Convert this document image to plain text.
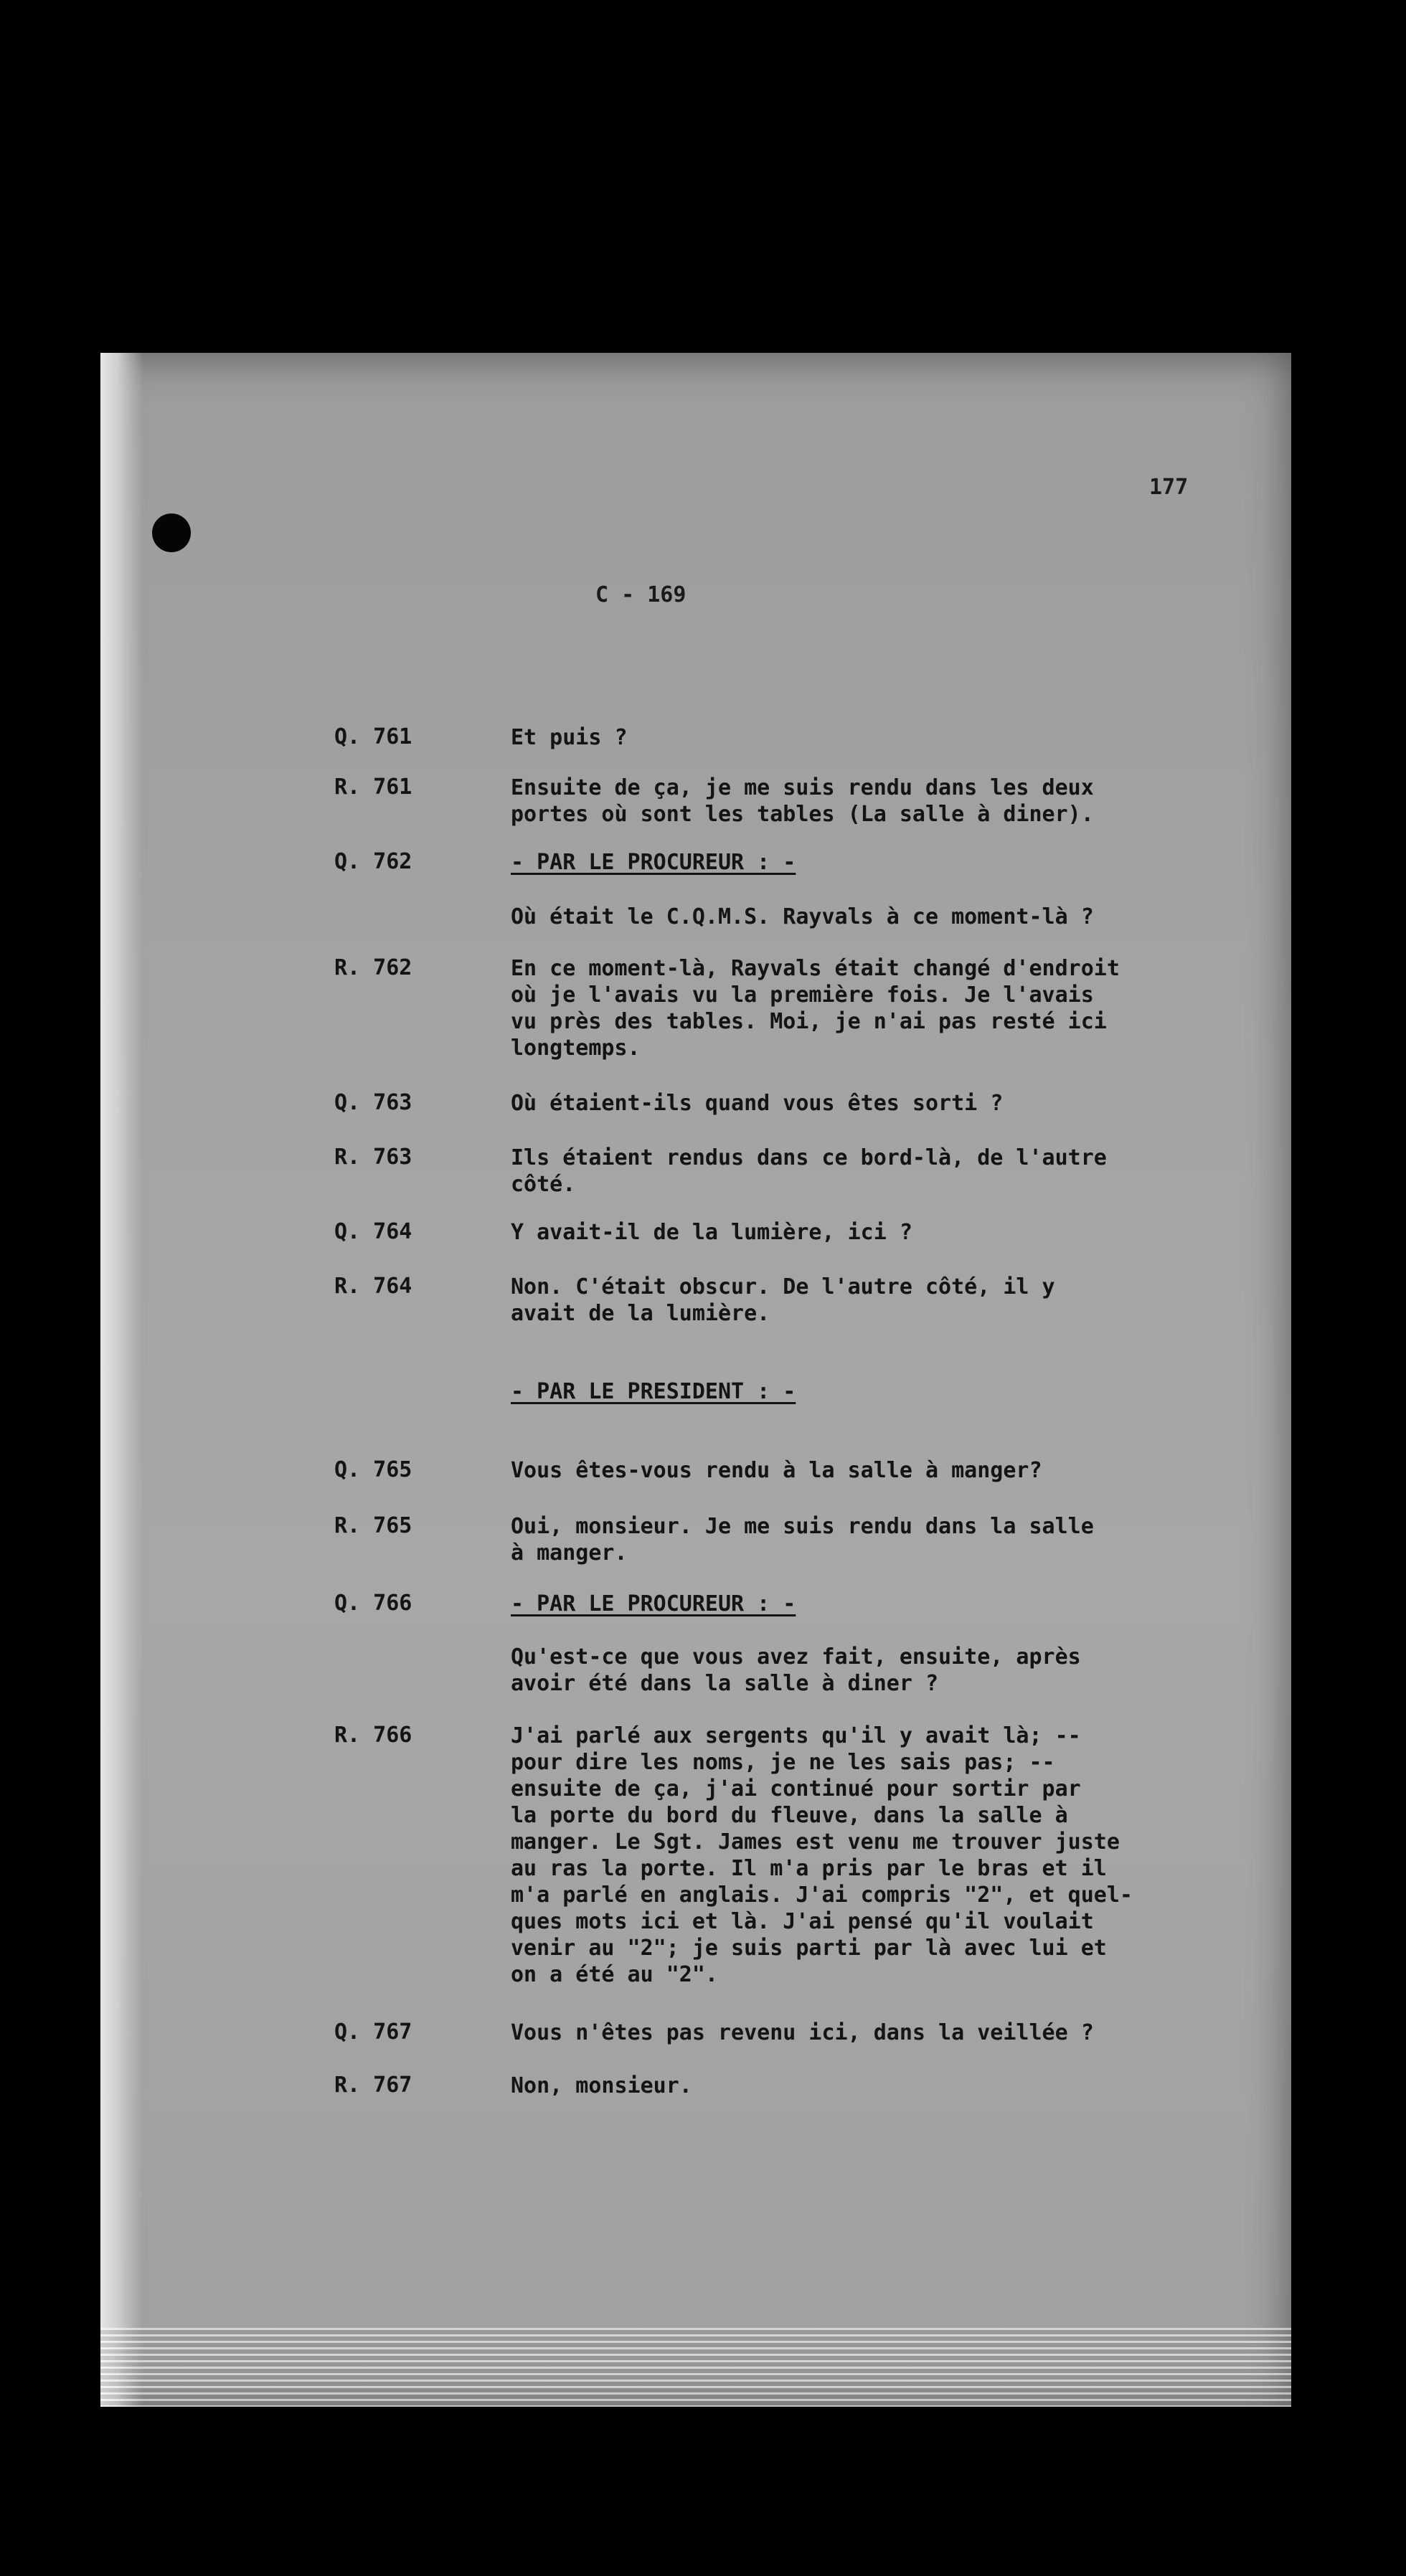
177
C - 169
Q. 761	Et puis ?
R. 761	Ensuite de ça, je me suis rendu dans les deux
portes où sont les tables (La salle à diner).
Q. 762	- PAR LE PROCUREUR : -
Où était le C.Q.M.S. Rayvals à ce moment-là ?
R. 762	En ce moment-là, Rayvals était changé d'endroit
où je l'avais vu la première fois. Je l'avais
vu près des tables. Moi, je n'ai pas resté ici
longtemps.
Q. 763	Où étaient-ils quand vous êtes sorti ?
R. 763	Ils étaient rendus dans ce bord-là, de l'autre
côté.
Q. 764	Y avait-il de la lumière, ici ?
R. 764	Non. C'était obscur. De l'autre côté, il y
avait de la lumière.
- PAR LE PRESIDENT : -
Q. 765	Vous êtes-vous rendu à la salle à manger?
R. 765	Oui, monsieur. Je me suis rendu dans la salle
à manger.
Q. 766	- PAR LE PROCUREUR : -
Qu'est-ce que vous avez fait, ensuite, après
avoir été dans la salle à diner ?
R. 766	J'ai parlé aux sergents qu'il y avait là; --
pour dire les noms, je ne les sais pas; --
ensuite de ça, j'ai continué pour sortir par
la porte du bord du fleuve, dans la salle à
manger. Le Sgt. James est venu me trouver juste
au ras la porte. Il m'a pris par le bras et il
m'a parlé en anglais. J'ai compris "2", et quel-
ques mots ici et là. J'ai pensé qu'il voulait
venir au "2"; je suis parti par là avec lui et
on a été au "2".
Q. 767	Vous n'êtes pas revenu ici, dans la veillée ?
R. 767	Non, monsieur.
